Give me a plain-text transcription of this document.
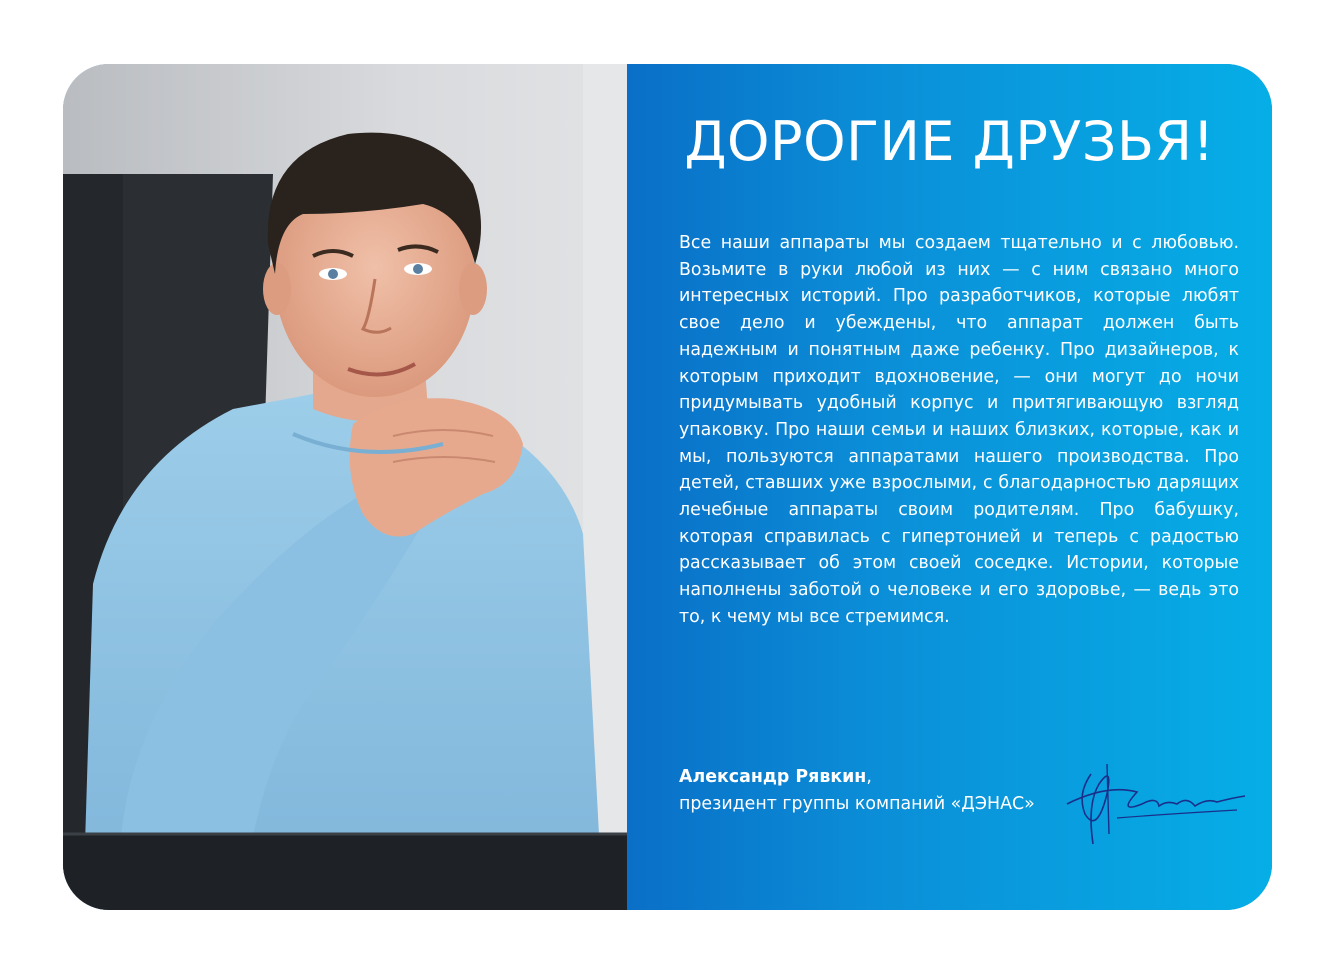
ДОРОГИЕ ДРУЗЬЯ!

Все наши аппараты мы создаем тщательно и с любовью. Возьмите в руки любой из них — с ним связано много интересных историй. Про разработчиков, которые любят свое дело и убеждены, что аппарат должен быть надежным и понятным даже ребенку. Про дизайнеров, к которым приходит вдохновение, — они могут до ночи придумывать удобный корпус и притягивающую взгляд упаковку. Про наши семьи и наших близких, которые, как и мы, пользуются аппаратами нашего производства. Про детей, ставших уже взрослыми, с благодарностью дарящих лечебные аппараты своим родителям. Про бабушку, которая справилась с гипертонией и теперь с радостью рассказывает об этом своей соседке. Истории, которые наполнены заботой о человеке и его здоровье, — ведь это то, к чему мы все стремимся.

Александр Рявкин,
президент группы компаний «ДЭНАС»
